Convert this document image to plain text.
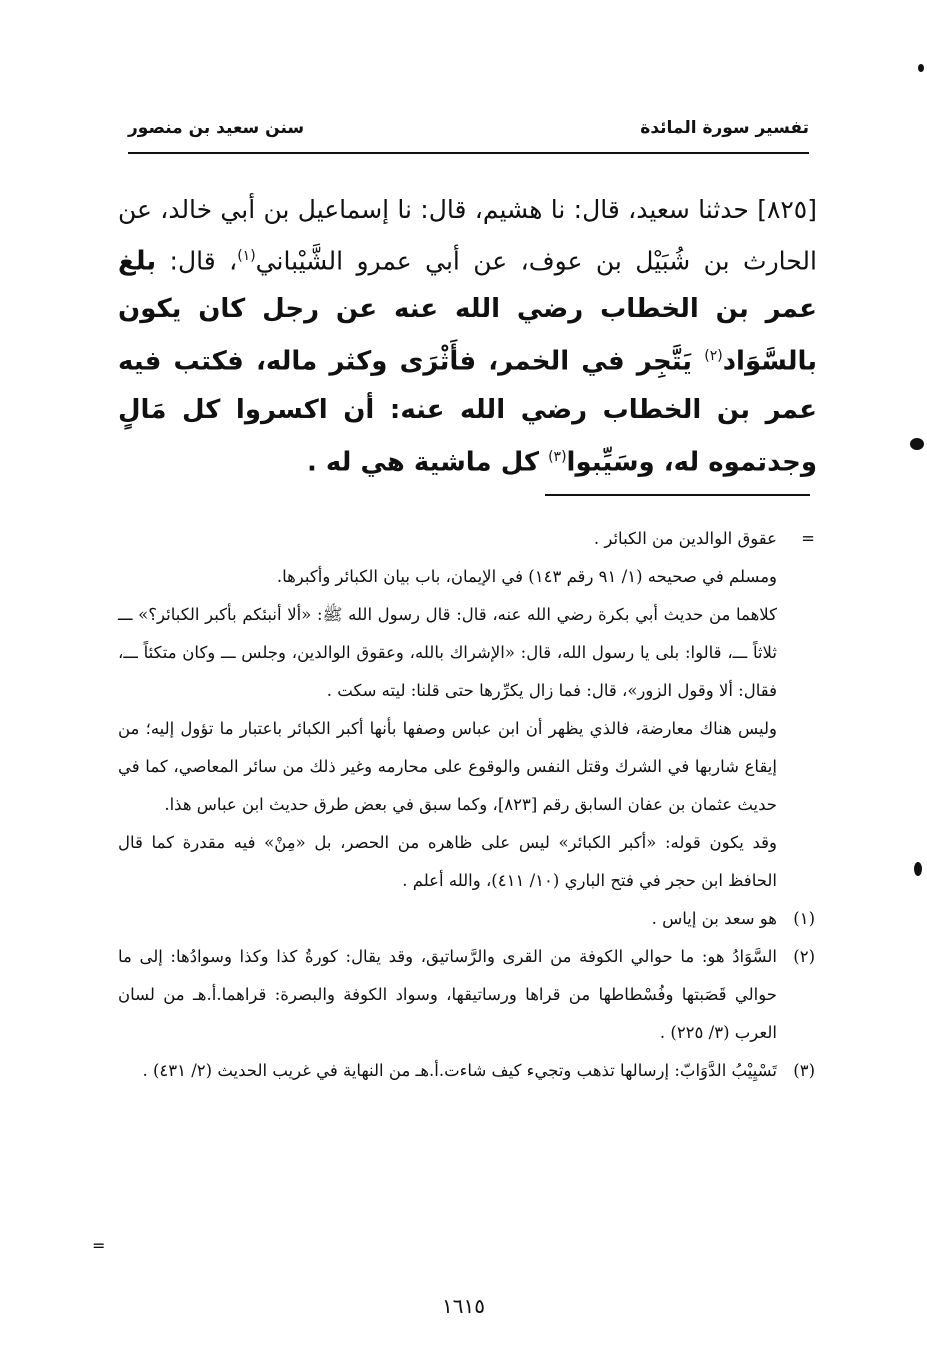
تفسير سورة المائدة
سنن سعيد بن منصور
[٨٢٥] حدثنا سعيد، قال: نا هشيم، قال: نا إسماعيل بن أبي خالد، عن الحارث بن شُبَيْل بن عوف، عن أبي عمرو الشَّيْباني$^{(١)}$، قال: بلغ عمر بن الخطاب رضي الله عنه عن رجل كان يكون بالسَّوَاد$^{(٢)}$ يَتَّجِر في الخمر، فأَثْرَى وكثر ماله، فكتب فيه عمر بن الخطاب رضي الله عنه: أن اكسروا كل مَالٍ وجدتموه له، وسَيِّبوا$^{(٣)}$ كل ماشية هي له .
=

عقوق الوالدين من الكبائر .

ومسلم في صحيحه (١/ ٩١ رقم ١٤٣) في الإيمان، باب بيان الكبائر وأكبرها.

كلاهما من حديث أبي بكرة رضي الله عنه، قال: قال رسول الله ﷺ: «ألا أنبئكم بأكبر الكبائر؟» ـــ ثلاثاً ـــ، قالوا: بلى يا رسول الله، قال: «الإشراك بالله، وعقوق الوالدين، وجلس ـــ وكان متكئاً ـــ، فقال: ألا وقول الزور»، قال: فما زال يكرِّرها حتى قلنا: ليته سكت .

وليس هناك معارضة، فالذي يظهر أن ابن عباس وصفها بأنها أكبر الكبائر باعتبار ما تؤول إليه؛ من إيقاع شاربها في الشرك وقتل النفس والوقوع على محارمه وغير ذلك من سائر المعاصي، كما في حديث عثمان بن عفان السابق رقم [٨٢٣]، وكما سبق في بعض طرق حديث ابن عباس هذا.

وقد يكون قوله: «أكبر الكبائر» ليس على ظاهره من الحصر، بل «مِنْ» فيه مقدرة كما قال الحافظ ابن حجر في فتح الباري (١٠/ ٤١١)، والله أعلم .

(١)
هو سعد بن إياس .
(٢)
السَّوَادُ هو: ما حوالي الكوفة من القرى والرَّساتيق، وقد يقال: كورةُ كذا وكذا وسوادُها: إلى ما حوالي قَصَبتها وفُسْطاطها من قراها ورساتيقها، وسواد الكوفة والبصرة: قراهما.أ.هـ من لسان العرب (٣/ ٢٢٥) .
(٣)
تَسْيِيْبُ الدَّوَابّ: إرسالها تذهب وتجيء كيف شاءت.أ.هـ من النهاية في غريب الحديث (٢/ ٤٣١) .
١٦١٥
=
